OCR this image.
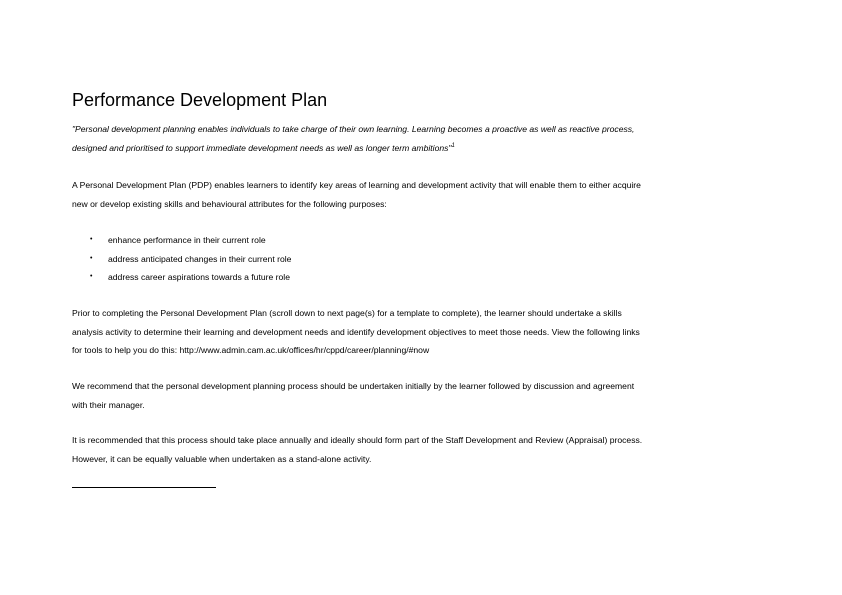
Performance Development Plan
"Personal development planning enables individuals to take charge of their own learning. Learning becomes a proactive as well as reactive process,
designed and prioritised to support immediate development needs as well as longer term ambitions"$^1$
A Personal Development Plan (PDP) enables learners to identify key areas of learning and development activity that will enable them to either acquire
new or develop existing skills and behavioural attributes for the following purposes:
• enhance performance in their current role
• address anticipated changes in their current role
• address career aspirations towards a future role
Prior to completing the Personal Development Plan (scroll down to next page(s) for a template to complete), the learner should undertake a skills
analysis activity to determine their learning and development needs and identify development objectives to meet those needs. View the following links
for tools to help you do this: http://www.admin.cam.ac.uk/offices/hr/cppd/career/planning/#now
We recommend that the personal development planning process should be undertaken initially by the learner followed by discussion and agreement
with their manager.
It is recommended that this process should take place annually and ideally should form part of the Staff Development and Review (Appraisal) process.
However, it can be equally valuable when undertaken as a stand-alone activity.
